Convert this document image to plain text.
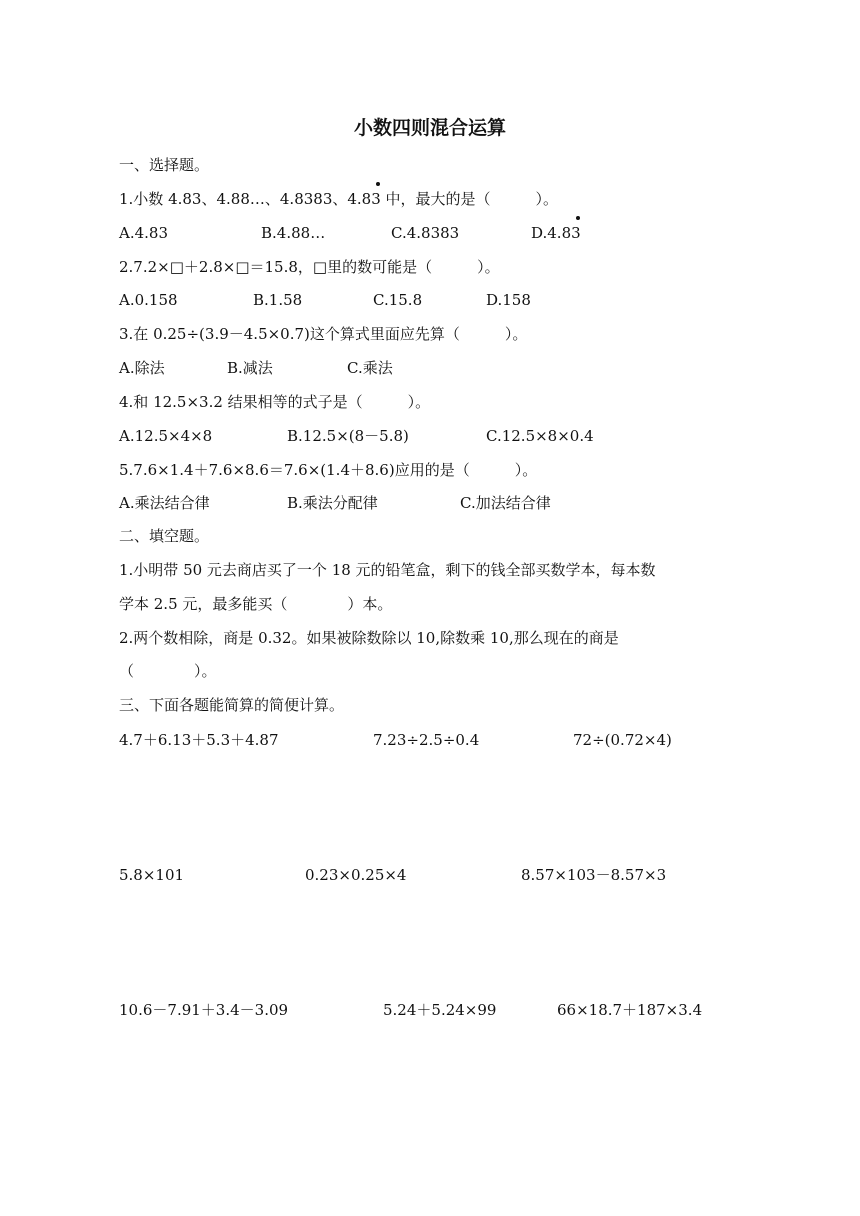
小数四则混合运算
一、选择题。
1.小数 4.83、4.88…、4.8383、4.83
中，最大的是（　　　）。
A.4.83	B.4.88…	C.4.8383	D.4.83
2.7.2×□＋2.8×□＝15.8，□里的数可能是（　　　）。
A.0.158	B.1.58	C.15.8	D.158
3.在 0.25÷(3.9－4.5×0.7)这个算式里面应先算（　　　）。
A.除法	B.减法	C.乘法
4.和 12.5×3.2 结果相等的式子是（　　　）。
A.12.5×4×8	B.12.5×(8－5.8)	C.12.5×8×0.4
5.7.6×1.4＋7.6×8.6＝7.6×(1.4＋8.6)应用的是（　　　）。
A.乘法结合律	B.乘法分配律	C.加法结合律
二、填空题。
1.小明带 50 元去商店买了一个 18 元的铅笔盒，剩下的钱全部买数学本，每本数
学本 2.5 元，最多能买（　　　　）本。
2.两个数相除，商是 0.32。如果被除数除以 10,除数乘 10,那么现在的商是
（　　　　）。
三、下面各题能简算的简便计算。
4.7＋6.13＋5.3＋4.87	7.23÷2.5÷0.4	72÷(0.72×4)
5.8×101	0.23×0.25×4	8.57×103－8.57×3
10.6－7.91＋3.4－3.09	5.24＋5.24×99	66×18.7＋187×3.4
